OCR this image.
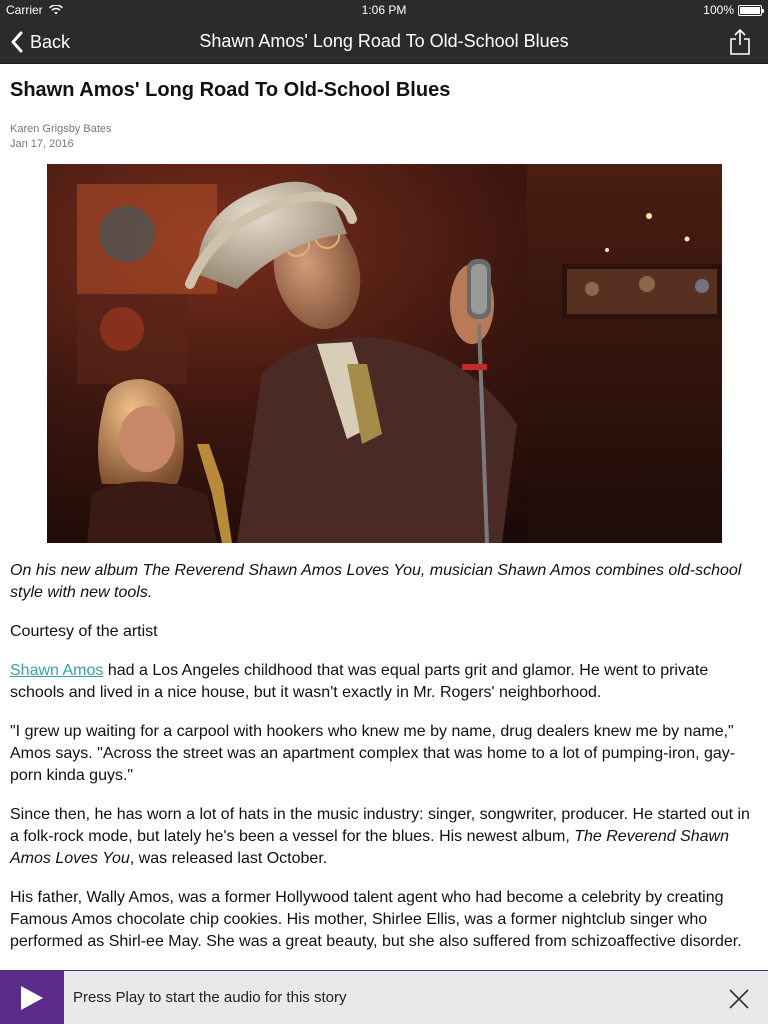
Carrier	1:06 PM	100%
Shawn Amos' Long Road To Old-School Blues
Back
Shawn Amos' Long Road To Old-School Blues
Karen Grigsby Bates
Jan 17, 2016

On his new album The Reverend Shawn Amos Loves You, musician Shawn Amos combines old-school style with new tools.

Courtesy of the artist

Shawn Amos had a Los Angeles childhood that was equal parts grit and glamor. He went to private schools and lived in a nice house, but it wasn't exactly in Mr. Rogers' neighborhood.

"I grew up waiting for a carpool with hookers who knew me by name, drug dealers knew me by name," Amos says. "Across the street was an apartment complex that was home to a lot of pumping-iron, gay-porn kinda guys."

Since then, he has worn a lot of hats in the music industry: singer, songwriter, producer. He started out in a folk-rock mode, but lately he's been a vessel for the blues. His newest album, The Reverend Shawn Amos Loves You, was released last October.

His father, Wally Amos, was a former Hollywood talent agent who had become a celebrity by creating Famous Amos chocolate chip cookies. His mother, Shirlee Ellis, was a former nightclub singer who performed as Shirl-ee May. She was a great beauty, but she also suffered from schizoaffective disorder.

Press Play to start the audio for this story
